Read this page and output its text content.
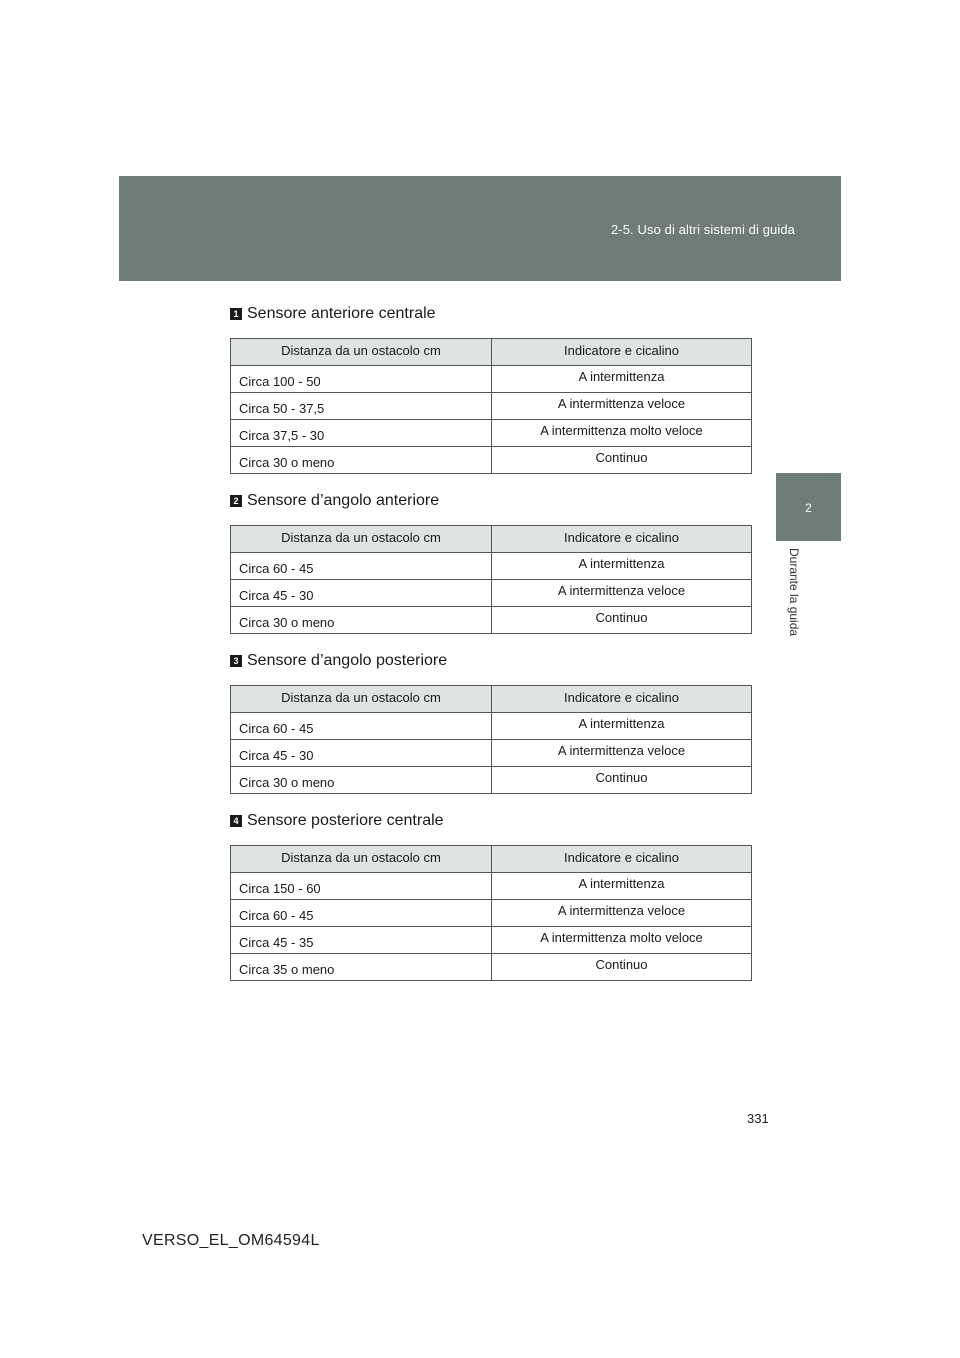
2-5. Uso di altri sistemi di guida
2
Durante la guida
1 Sensore anteriore centrale
Distanza da un ostacolo cm	Indicatore e cicalino
Circa 100 - 50	A intermittenza
Circa 50 - 37,5	A intermittenza veloce
Circa 37,5 - 30	A intermittenza molto veloce
Circa 30 o meno	Continuo
2 Sensore d’angolo anteriore
Distanza da un ostacolo cm	Indicatore e cicalino
Circa 60 - 45	A intermittenza
Circa 45 - 30	A intermittenza veloce
Circa 30 o meno	Continuo
3 Sensore d’angolo posteriore
Distanza da un ostacolo cm	Indicatore e cicalino
Circa 60 - 45	A intermittenza
Circa 45 - 30	A intermittenza veloce
Circa 30 o meno	Continuo
4 Sensore posteriore centrale
Distanza da un ostacolo cm	Indicatore e cicalino
Circa 150 - 60	A intermittenza
Circa 60 - 45	A intermittenza veloce
Circa 45 - 35	A intermittenza molto veloce
Circa 35 o meno	Continuo
331
VERSO_EL_OM64594L
